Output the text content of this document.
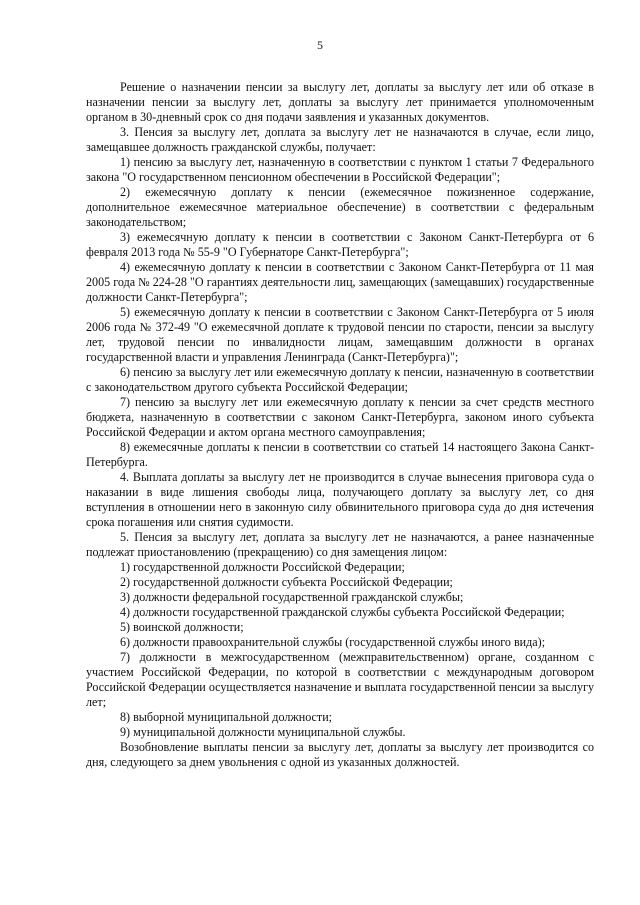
5

Решение о назначении пенсии за выслугу лет, доплаты за выслугу лет или об отказе в назначении пенсии за выслугу лет, доплаты за выслугу лет принимается уполномоченным органом в 30-дневный срок со дня подачи заявления и указанных документов.

3. Пенсия за выслугу лет, доплата за выслугу лет не назначаются в случае, если лицо, замещавшее должность гражданской службы, получает:

1) пенсию за выслугу лет, назначенную в соответствии с пунктом 1 статьи 7 Федерального закона "О государственном пенсионном обеспечении в Российской Федерации";

2) ежемесячную доплату к пенсии (ежемесячное пожизненное содержание, дополнительное ежемесячное материальное обеспечение) в соответствии с федеральным законодательством;

3) ежемесячную доплату к пенсии в соответствии с Законом Санкт-Петербурга от 6 февраля 2013 года № 55-9 "О Губернаторе Санкт-Петербурга";

4) ежемесячную доплату к пенсии в соответствии с Законом Санкт-Петербурга от 11 мая 2005 года № 224-28 "О гарантиях деятельности лиц, замещающих (замещавших) государственные должности Санкт-Петербурга";

5) ежемесячную доплату к пенсии в соответствии с Законом Санкт-Петербурга от 5 июля 2006 года № 372-49 "О ежемесячной доплате к трудовой пенсии по старости, пенсии за выслугу лет, трудовой пенсии по инвалидности лицам, замещавшим должности в органах государственной власти и управления Ленинграда (Санкт-Петербурга)";

6) пенсию за выслугу лет или ежемесячную доплату к пенсии, назначенную в соответствии с законодательством другого субъекта Российской Федерации;

7) пенсию за выслугу лет или ежемесячную доплату к пенсии за счет средств местного бюджета, назначенную в соответствии с законом Санкт-Петербурга, законом иного субъекта Российской Федерации и актом органа местного самоуправления;

8) ежемесячные доплаты к пенсии в соответствии со статьей 14 настоящего Закона Санкт-Петербурга.

4. Выплата доплаты за выслугу лет не производится в случае вынесения приговора суда о наказании в виде лишения свободы лица, получающего доплату за выслугу лет, со дня вступления в отношении него в законную силу обвинительного приговора суда до дня истечения срока погашения или снятия судимости.

5. Пенсия за выслугу лет, доплата за выслугу лет не назначаются, а ранее назначенные подлежат приостановлению (прекращению) со дня замещения лицом:

1) государственной должности Российской Федерации;

2) государственной должности субъекта Российской Федерации;

3) должности федеральной государственной гражданской службы;

4) должности государственной гражданской службы субъекта Российской Федерации;

5) воинской должности;

6) должности правоохранительной службы (государственной службы иного вида);

7) должности в межгосударственном (межправительственном) органе, созданном с участием Российской Федерации, по которой в соответствии с международным договором Российской Федерации осуществляется назначение и выплата государственной пенсии за выслугу лет;

8) выборной муниципальной должности;

9) муниципальной должности муниципальной службы.

Возобновление выплаты пенсии за выслугу лет, доплаты за выслугу лет производится со дня, следующего за днем увольнения с одной из указанных должностей.
